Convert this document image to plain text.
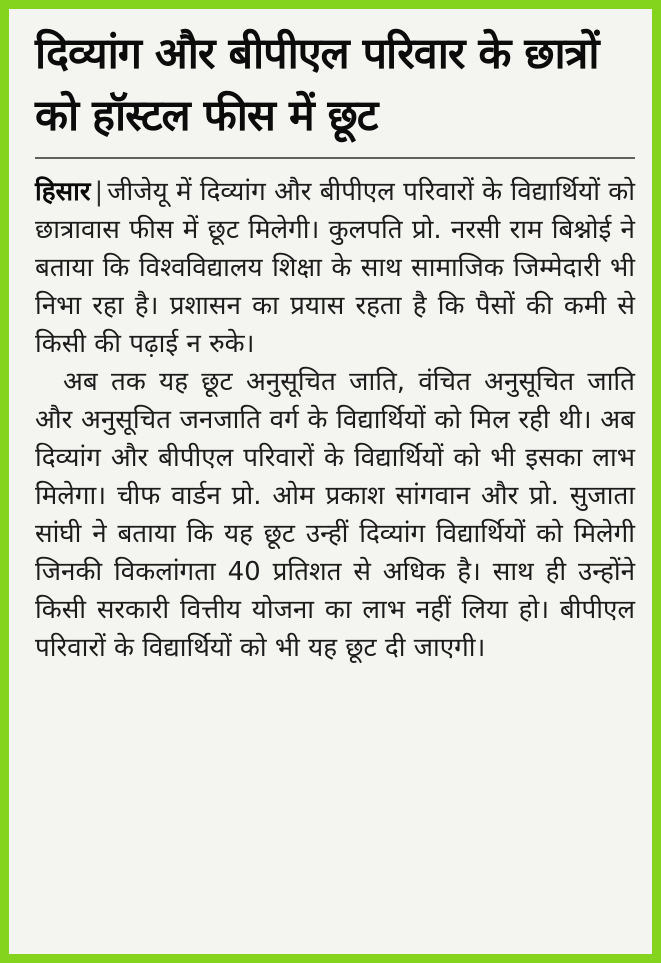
दिव्यांग और बीपीएल परिवार के छात्रों को हॉस्टल फीस में छूट

हिसार | जीजेयू में दिव्यांग और बीपीएल परिवारों के विद्यार्थियों को छात्रावास फीस में छूट मिलेगी। कुलपति प्रो. नरसी राम बिश्नोई ने बताया कि विश्वविद्यालय शिक्षा के साथ सामाजिक जिम्मेदारी भी निभा रहा है। प्रशासन का प्रयास रहता है कि पैसों की कमी से किसी की पढ़ाई न रुके।

अब तक यह छूट अनुसूचित जाति, वंचित अनुसूचित जाति और अनुसूचित जनजाति वर्ग के विद्यार्थियों को मिल रही थी। अब दिव्यांग और बीपीएल परिवारों के विद्यार्थियों को भी इसका लाभ मिलेगा। चीफ वार्डन प्रो. ओम प्रकाश सांगवान और प्रो. सुजाता सांघी ने बताया कि यह छूट उन्हीं दिव्यांग विद्यार्थियों को मिलेगी जिनकी विकलांगता 40 प्रतिशत से अधिक है। साथ ही उन्होंने किसी सरकारी वित्तीय योजना का लाभ नहीं लिया हो। बीपीएल परिवारों के विद्यार्थियों को भी यह छूट दी जाएगी।
